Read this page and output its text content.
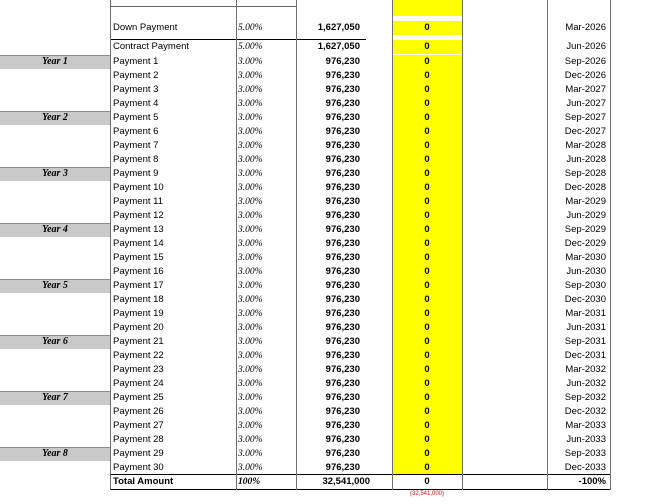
Down Payment	5.00%	1,627,050	0	Mar-2026
Contract Payment	5.00%	1,627,050	0	Jun-2026
Year 1	Payment 1	3.00%	976,230	0	Sep-2026
Payment 2	3.00%	976,230	0	Dec-2026
Payment 3	3.00%	976,230	0	Mar-2027
Payment 4	3.00%	976,230	0	Jun-2027
Year 2	Payment 5	3.00%	976,230	0	Sep-2027
Payment 6	3.00%	976,230	0	Dec-2027
Payment 7	3.00%	976,230	0	Mar-2028
Payment 8	3.00%	976,230	0	Jun-2028
Year 3	Payment 9	3.00%	976,230	0	Sep-2028
Payment 10	3.00%	976,230	0	Dec-2028
Payment 11	3.00%	976,230	0	Mar-2029
Payment 12	3.00%	976,230	0	Jun-2029
Year 4	Payment 13	3.00%	976,230	0	Sep-2029
Payment 14	3.00%	976,230	0	Dec-2029
Payment 15	3.00%	976,230	0	Mar-2030
Payment 16	3.00%	976,230	0	Jun-2030
Year 5	Payment 17	3.00%	976,230	0	Sep-2030
Payment 18	3.00%	976,230	0	Dec-2030
Payment 19	3.00%	976,230	0	Mar-2031
Payment 20	3.00%	976,230	0	Jun-2031
Year 6	Payment 21	3.00%	976,230	0	Sep-2031
Payment 22	3.00%	976,230	0	Dec-2031
Payment 23	3.00%	976,230	0	Mar-2032
Payment 24	3.00%	976,230	0	Jun-2032
Year 7	Payment 25	3.00%	976,230	0	Sep-2032
Payment 26	3.00%	976,230	0	Dec-2032
Payment 27	3.00%	976,230	0	Mar-2033
Payment 28	3.00%	976,230	0	Jun-2033
Year 8	Payment 29	3.00%	976,230	0	Sep-2033
Payment 30	3.00%	976,230	0	Dec-2033
Total Amount	100%	32,541,000	0	-100%
(32,541,000)
